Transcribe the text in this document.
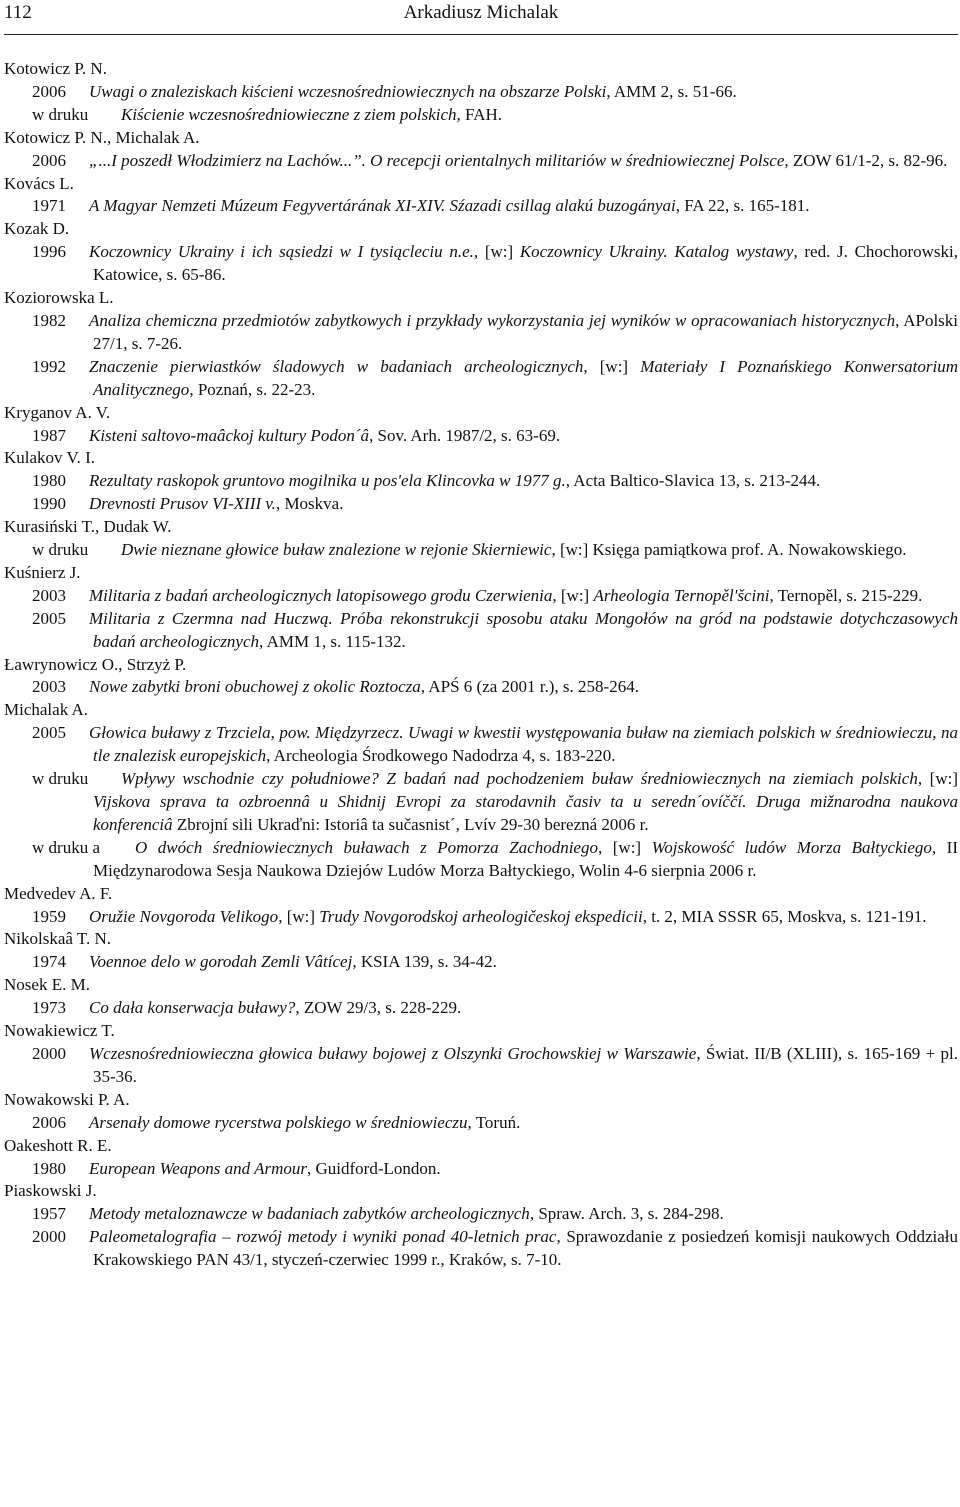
112	Arkadiusz Michalak
Kotowicz P. N.
2006 Uwagi o znaleziskach kiścieni wczesnośredniowiecznych na obszarze Polski, AMM 2, s. 51-66.
w druku Kiścienie wczesnośredniowieczne z ziem polskich, FAH.
Kotowicz P. N., Michalak A.
2006 „...I poszedł Włodzimierz na Lachów...”. O recepcji orientalnych militariów w średniowiecznej Polsce, ZOW 61/1-2, s. 82-96.
Kovács L.
1971 A Magyar Nemzeti Múzeum Fegyvertárának XI-XIV. Sźazadi csillag alakú buzogányai, FA 22, s. 165-181.
Kozak D.
1996 Koczownicy Ukrainy i ich sąsiedzi w I tysiącleciu n.e., [w:] Koczownicy Ukrainy. Katalog wystawy, red. J. Chochorowski, Katowice, s. 65-86.
Koziorowska L.
1982 Analiza chemiczna przedmiotów zabytkowych i przykłady wykorzystania jej wyników w opracowaniach historycznych, APolski 27/1, s. 7-26.
1992 Znaczenie pierwiastków śladowych w badaniach archeologicznych, [w:] Materiały I Poznańskiego Konwersatorium Analitycznego, Poznań, s. 22-23.
Kryganov A. V.
1987 Kisteni saltovo-maâckoj kultury Podon´â, Sov. Arh. 1987/2, s. 63-69.
Kulakov V. I.
1980 Rezultaty raskopok gruntovo mogilnika u pos'ela Klincovka w 1977 g., Acta Baltico-Slavica 13, s. 213-244.
1990 Drevnosti Prusov VI-XIII v., Moskva.
Kurasiński T., Dudak W.
w druku Dwie nieznane głowice buław znalezione w rejonie Skierniewic, [w:] Księga pamiątkowa prof. A. Nowakowskiego.
Kuśnierz J.
2003 Militaria z badań archeologicznych latopisowego grodu Czerwienia, [w:] Arheologia Ternopěl'šcini, Ternopěl, s. 215-229.
2005 Militaria z Czermna nad Huczwą. Próba rekonstrukcji sposobu ataku Mongołów na gród na podstawie dotychczasowych badań archeologicznych, AMM 1, s. 115-132.
Ławrynowicz O., Strzyż P.
2003 Nowe zabytki broni obuchowej z okolic Roztocza, APŚ 6 (za 2001 r.), s. 258-264.
Michalak A.
2005 Głowica buławy z Trzciela, pow. Międzyrzecz. Uwagi w kwestii występowania buław na ziemiach polskich w średniowieczu, na tle znalezisk europejskich, Archeologia Środkowego Nadodrza 4, s. 183-220.
w druku Wpływy wschodnie czy południowe? Z badań nad pochodzeniem buław średniowiecznych na ziemiach polskich, [w:] Vijskova sprava ta ozbroennâ u Shidnij Evropi za starodavnih časiv ta u seredn´ovíččí. Druga mižnarodna naukova konferenciâ Zbrojní sili Ukraďni: Istoriâ ta sučasnist´, Lvív 29-30 berezná 2006 r.
w druku a O dwóch średniowiecznych buławach z Pomorza Zachodniego, [w:] Wojskowość ludów Morza Bałtyckiego, II Międzynarodowa Sesja Naukowa Dziejów Ludów Morza Bałtyckiego, Wolin 4-6 sierpnia 2006 r.
Medvedev A. F.
1959 Oružie Novgoroda Velikogo, [w:] Trudy Novgorodskoj arheologičeskoj ekspedicii, t. 2, MIA SSSR 65, Moskva, s. 121-191.
Nikolskaâ T. N.
1974 Voennoe delo w gorodah Zemli Vâtícej, KSIA 139, s. 34-42.
Nosek E. M.
1973 Co dała konserwacja buławy?, ZOW 29/3, s. 228-229.
Nowakiewicz T.
2000 Wczesnośredniowieczna głowica buławy bojowej z Olszynki Grochowskiej w Warszawie, Świat. II/B (XLIII), s. 165-169 + pl. 35-36.
Nowakowski P. A.
2006 Arsenały domowe rycerstwa polskiego w średniowieczu, Toruń.
Oakeshott R. E.
1980 European Weapons and Armour, Guidford-London.
Piaskowski J.
1957 Metody metaloznawcze w badaniach zabytków archeologicznych, Spraw. Arch. 3, s. 284-298.
2000 Paleometalografia – rozwój metody i wyniki ponad 40-letnich prac, Sprawozdanie z posiedzeń komisji naukowych Oddziału Krakowskiego PAN 43/1, styczeń-czerwiec 1999 r., Kraków, s. 7-10.
